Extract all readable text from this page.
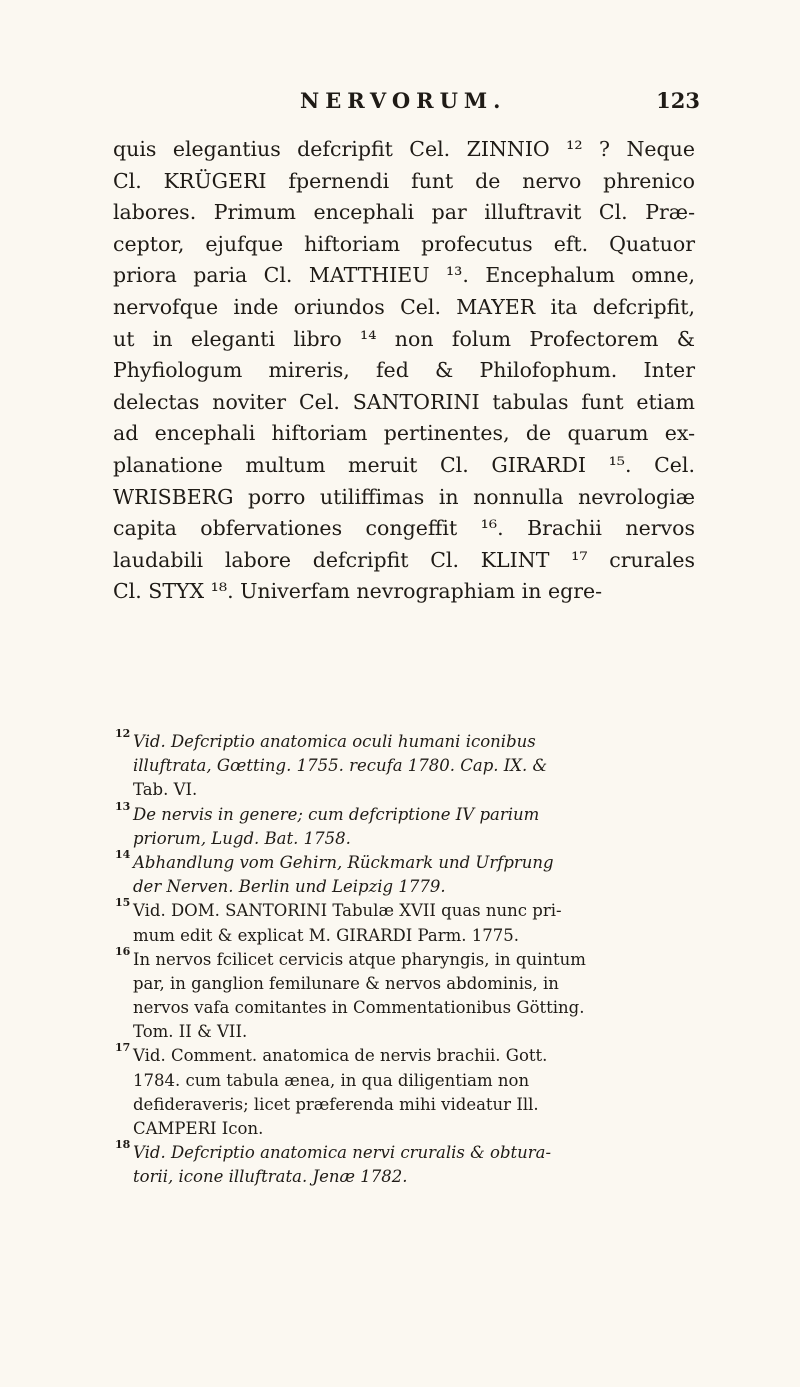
NERVORUM.	123
quis elegantius defcripfit Cel. ZINNIO ¹² ? Neque
Cl. KRÜGERI fpernendi funt de nervo phrenico
labores. Primum encephali par illuftravit Cl. Præ-
ceptor, ejufque hiftoriam profecutus eft. Quatuor
priora paria Cl. MATTHIEU ¹³. Encephalum omne,
nervofque inde oriundos Cel. MAYER ita defcripfit,
ut in eleganti libro ¹⁴ non folum Profectorem &
Phyfiologum mireris, fed & Philofophum. Inter
delectas noviter Cel. SANTORINI tabulas funt etiam
ad encephali hiftoriam pertinentes, de quarum ex-
planatione multum meruit Cl. GIRARDI ¹⁵. Cel.
WRISBERG porro utiliffimas in nonnulla nevrologiæ
capita obfervationes congeffit ¹⁶. Brachii nervos
laudabili labore defcripfit Cl. KLINT ¹⁷ crurales
Cl. STYX ¹⁸. Univerfam nevrographiam in egre-
12 Vid. Defcriptio anatomica oculi humani iconibus
illuftrata, Gœtting. 1755. recufa 1780. Cap. IX. &
Tab. VI.
13 De nervis in genere; cum defcriptione IV parium
priorum, Lugd. Bat. 1758.
14 Abhandlung vom Gehirn, Rückmark und Urfprung
der Nerven. Berlin und Leipzig 1779.
15 Vid. DOM. SANTORINI Tabulæ XVII quas nunc pri-
mum edit & explicat M. GIRARDI Parm. 1775.
16 In nervos fcilicet cervicis atque pharyngis, in quintum
par, in ganglion femilunare & nervos abdominis, in
nervos vafa comitantes in Commentationibus Götting.
Tom. II & VII.
17 Vid. Comment. anatomica de nervis brachii. Gott.
1784. cum tabula ænea, in qua diligentiam non
defideraveris; licet præferenda mihi videatur Ill.
CAMPERI Icon.
18 Vid. Defcriptio anatomica nervi cruralis & obtura-
torii, icone illuftrata. Jenæ 1782.
